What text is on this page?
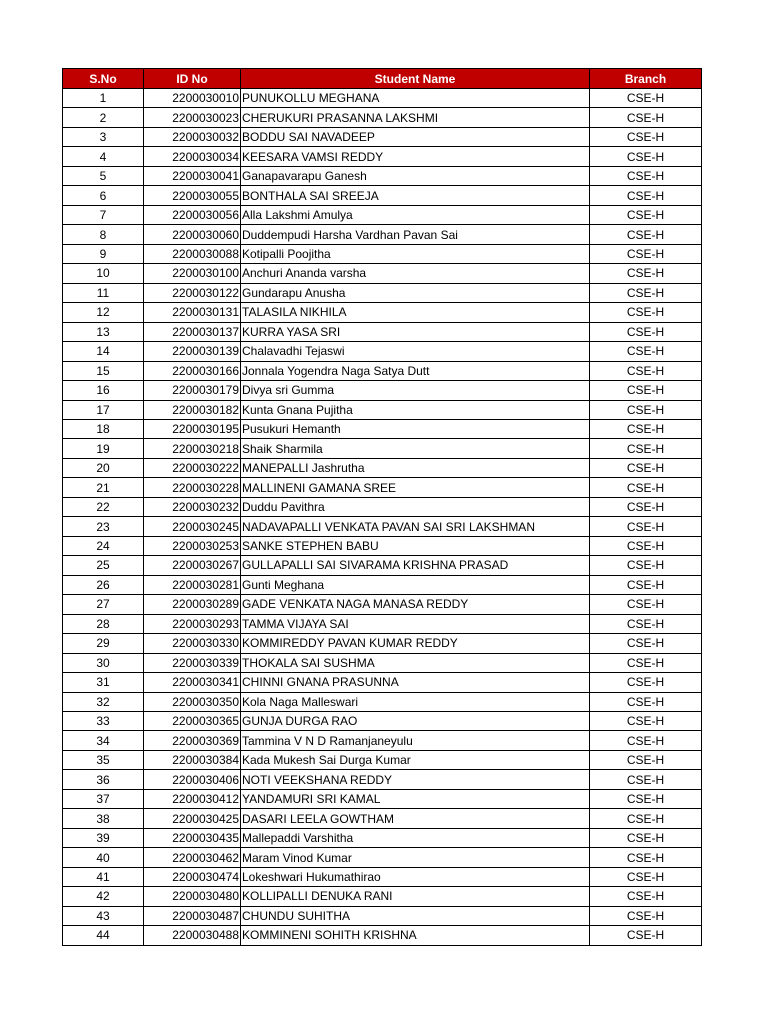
S.No	ID No	Student Name	Branch
1	2200030010	PUNUKOLLU MEGHANA	CSE-H
2	2200030023	CHERUKURI PRASANNA LAKSHMI	CSE-H
3	2200030032	BODDU SAI NAVADEEP	CSE-H
4	2200030034	KEESARA VAMSI REDDY	CSE-H
5	2200030041	Ganapavarapu Ganesh	CSE-H
6	2200030055	BONTHALA SAI SREEJA	CSE-H
7	2200030056	Alla Lakshmi Amulya	CSE-H
8	2200030060	Duddempudi Harsha Vardhan Pavan Sai	CSE-H
9	2200030088	Kotipalli Poojitha	CSE-H
10	2200030100	Anchuri Ananda varsha	CSE-H
11	2200030122	Gundarapu Anusha	CSE-H
12	2200030131	TALASILA NIKHILA	CSE-H
13	2200030137	KURRA YASA SRI	CSE-H
14	2200030139	Chalavadhi Tejaswi	CSE-H
15	2200030166	Jonnala Yogendra Naga Satya Dutt	CSE-H
16	2200030179	Divya sri Gumma	CSE-H
17	2200030182	Kunta Gnana Pujitha	CSE-H
18	2200030195	Pusukuri Hemanth	CSE-H
19	2200030218	Shaik Sharmila	CSE-H
20	2200030222	MANEPALLI Jashrutha	CSE-H
21	2200030228	MALLINENI GAMANA SREE	CSE-H
22	2200030232	Duddu Pavithra	CSE-H
23	2200030245	NADAVAPALLI VENKATA PAVAN SAI SRI LAKSHMAN	CSE-H
24	2200030253	SANKE STEPHEN BABU	CSE-H
25	2200030267	GULLAPALLI SAI SIVARAMA KRISHNA PRASAD	CSE-H
26	2200030281	Gunti Meghana	CSE-H
27	2200030289	GADE VENKATA NAGA MANASA REDDY	CSE-H
28	2200030293	TAMMA VIJAYA SAI	CSE-H
29	2200030330	KOMMIREDDY PAVAN KUMAR REDDY	CSE-H
30	2200030339	THOKALA SAI SUSHMA	CSE-H
31	2200030341	CHINNI GNANA PRASUNNA	CSE-H
32	2200030350	Kola Naga Malleswari	CSE-H
33	2200030365	GUNJA DURGA RAO	CSE-H
34	2200030369	Tammina V N D Ramanjaneyulu	CSE-H
35	2200030384	Kada Mukesh Sai Durga Kumar	CSE-H
36	2200030406	NOTI VEEKSHANA REDDY	CSE-H
37	2200030412	YANDAMURI SRI KAMAL	CSE-H
38	2200030425	DASARI LEELA GOWTHAM	CSE-H
39	2200030435	Mallepaddi Varshitha	CSE-H
40	2200030462	Maram Vinod Kumar	CSE-H
41	2200030474	Lokeshwari Hukumathirao	CSE-H
42	2200030480	KOLLIPALLI DENUKA RANI	CSE-H
43	2200030487	CHUNDU SUHITHA	CSE-H
44	2200030488	KOMMINENI SOHITH KRISHNA	CSE-H
